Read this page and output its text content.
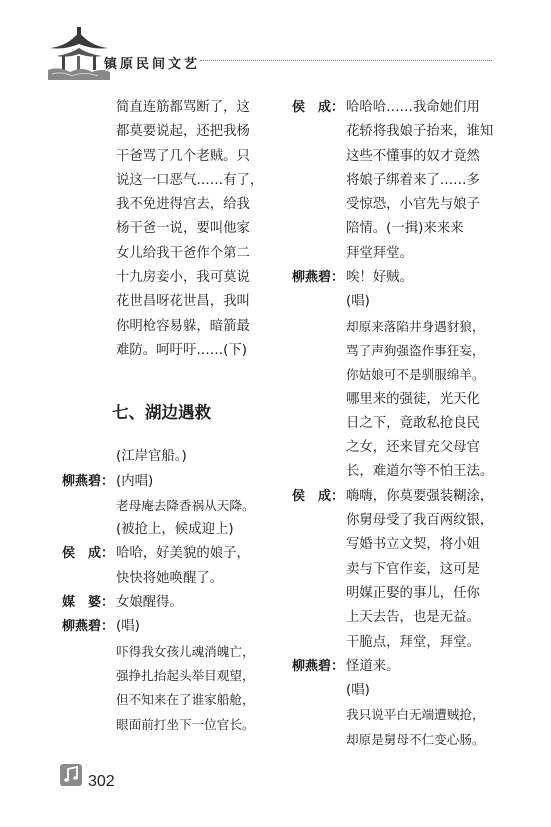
镇原民间文艺
简直连筋都骂断了，这
都莫要说起，还把我杨
干爸骂了几个老贼。只
说这一口恶气……有了，
我不免进得宫去，给我
杨干爸一说，要叫他家
女儿给我干爸作个第二
十九房妾小，我可莫说
花世昌呀花世昌，我叫
你明枪容易躲，暗箭最
难防。呵吁吁……(下)
七、湖边遇救
(江岸官船。)
柳燕碧： (内唱)
老母庵去降香祸从天降。
(被抢上，候成迎上)
侯　成： 哈哈，好美貌的娘子，
快快将她唤醒了。
媒　婆： 女娘醒得。
柳燕碧： (唱)
吓得我女孩儿魂消魄亡，
强挣扎抬起头举目观望，
但不知来在了谁家船舱，
眼面前打坐下一位官长。
侯　成： 哈哈哈……我命她们用
花轿将我娘子抬来，谁知
这些不懂事的奴才竟然
将娘子绑着来了……多
受惊恐，小官先与娘子
陪情。(一揖)来来来
拜堂拜堂。
柳燕碧： 唉！好贼。
(唱)
却原来落陷井身遇豺狼，
骂了声狗强盗作事狂妄，
你姑娘可不是驯服绵羊。
哪里来的强徒，光天化
日之下，竟敢私抢良民
之女，还来冒充父母官
长，难道尔等不怕王法。
侯　成： 嗨嗨，你莫要强装糊涂，
你舅母受了我百两纹银，
写婚书立文契，将小姐
卖与下官作妾，这可是
明媒正娶的事儿，任你
上天去告，也是无益。
干脆点，拜堂，拜堂。
柳燕碧： 怪道来。
(唱)
我只说平白无端遭贼抢，
却原是舅母不仁变心肠。
302
